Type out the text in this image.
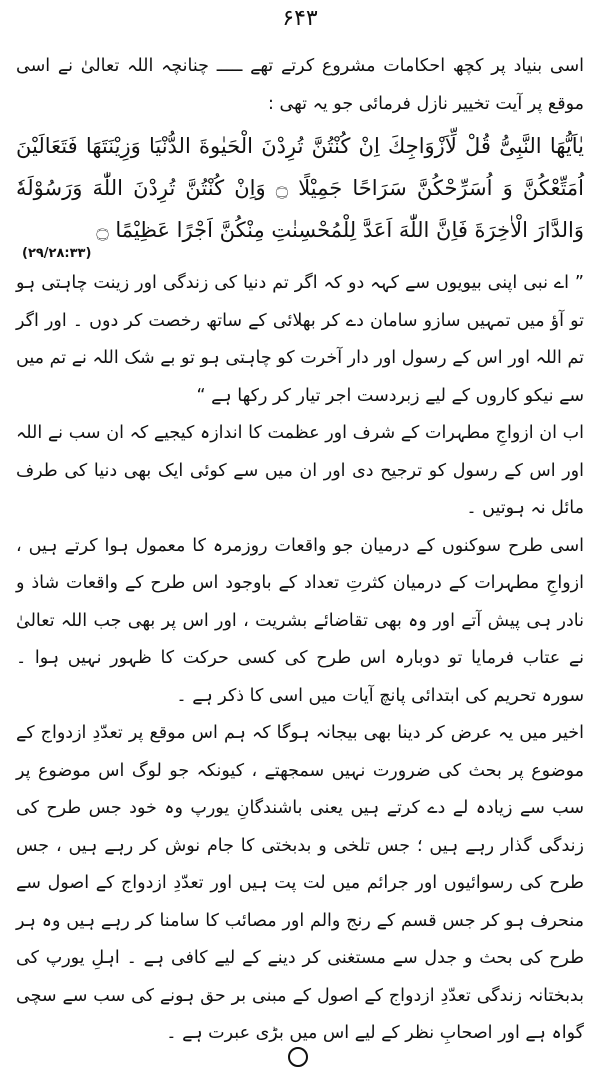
۶۴۳

اسی بنیاد پر کچھ احکامات مشروع کرتے تھے ـــــ چنانچہ اللہ تعالیٰ نے اسی موقع پر آیت تخییر نازل فرمائی جو یہ تھی :

یٰاَیُّهَا النَّبِیُّ قُلْ لِّاَزْوَاجِكَ اِنْ كُنْتُنَّ تُرِدْنَ الْحَیٰوةَ الدُّنْیَا وَزِیْنَتَهَا فَتَعَالَیْنَ اُمَتِّعْكُنَّ وَ اُسَرِّحْكُنَّ سَرَاحًا جَمِیْلًا ۝ وَاِنْ كُنْتُنَّ تُرِدْنَ اللّٰهَ وَرَسُوْلَهٗ وَالدَّارَ الْاٰخِرَةَ فَاِنَّ اللّٰهَ اَعَدَّ لِلْمُحْسِنٰتِ مِنْكُنَّ اَجْرًا عَظِیْمًا ۝

(۲۹/۲۸:۳۳)

” اے نبی اپنی بیویوں سے کہہ دو کہ اگر تم دنیا کی زندگی اور زینت چاہتی ہو تو آؤ میں تمہیں سازو سامان دے کر بھلائی کے ساتھ رخصت کر دوں ۔ اور اگر تم اللہ اور اس کے رسول اور دار آخرت کو چاہتی ہو تو بے شک اللہ نے تم میں سے نیکو کاروں کے لیے زبردست اجر تیار کر رکھا ہے “

اب ان ازواجِ مطہرات کے شرف اور عظمت کا اندازہ کیجیے کہ ان سب نے اللہ اور اس کے رسول کو ترجیح دی اور ان میں سے کوئی ایک بھی دنیا کی طرف مائل نہ ہوتیں ۔

اسی طرح سوکنوں کے درمیان جو واقعات روزمرہ کا معمول ہوا کرتے ہیں ، ازواجِ مطہرات کے درمیان کثرتِ تعداد کے باوجود اس طرح کے واقعات شاذ و نادر ہی پیش آتے اور وہ بھی تقاضائے بشریت ، اور اس پر بھی جب اللہ تعالیٰ نے عتاب فرمایا تو دوبارہ اس طرح کی کسی حرکت کا ظہور نہیں ہوا ۔ سورہ تحریم کی ابتدائی پانچ آیات میں اسی کا ذکر ہے ۔

اخیر میں یہ عرض کر دینا بھی بیجانہ ہوگا کہ ہم اس موقع پر تعدّدِ ازدواج کے موضوع پر بحث کی ضرورت نہیں سمجھتے ، کیونکہ جو لوگ اس موضوع پر سب سے زیادہ لے دے کرتے ہیں یعنی باشندگانِ یورپ وہ خود جس طرح کی زندگی گذار رہے ہیں ؛ جس تلخی و بدبختی کا جام نوش کر رہے ہیں ، جس طرح کی رسوائیوں اور جرائم میں لت پت ہیں اور تعدّدِ ازدواج کے اصول سے منحرف ہو کر جس قسم کے رنج والم اور مصائب کا سامنا کر رہے ہیں وہ ہر طرح کی بحث و جدل سے مستغنی کر دینے کے لیے کافی ہے ۔ اہلِ یورپ کی بدبختانہ زندگی تعدّدِ ازدواج کے اصول کے مبنی بر حق ہونے کی سب سے سچی گواہ ہے اور اصحابِ نظر کے لیے اس میں بڑی عبرت ہے ۔
